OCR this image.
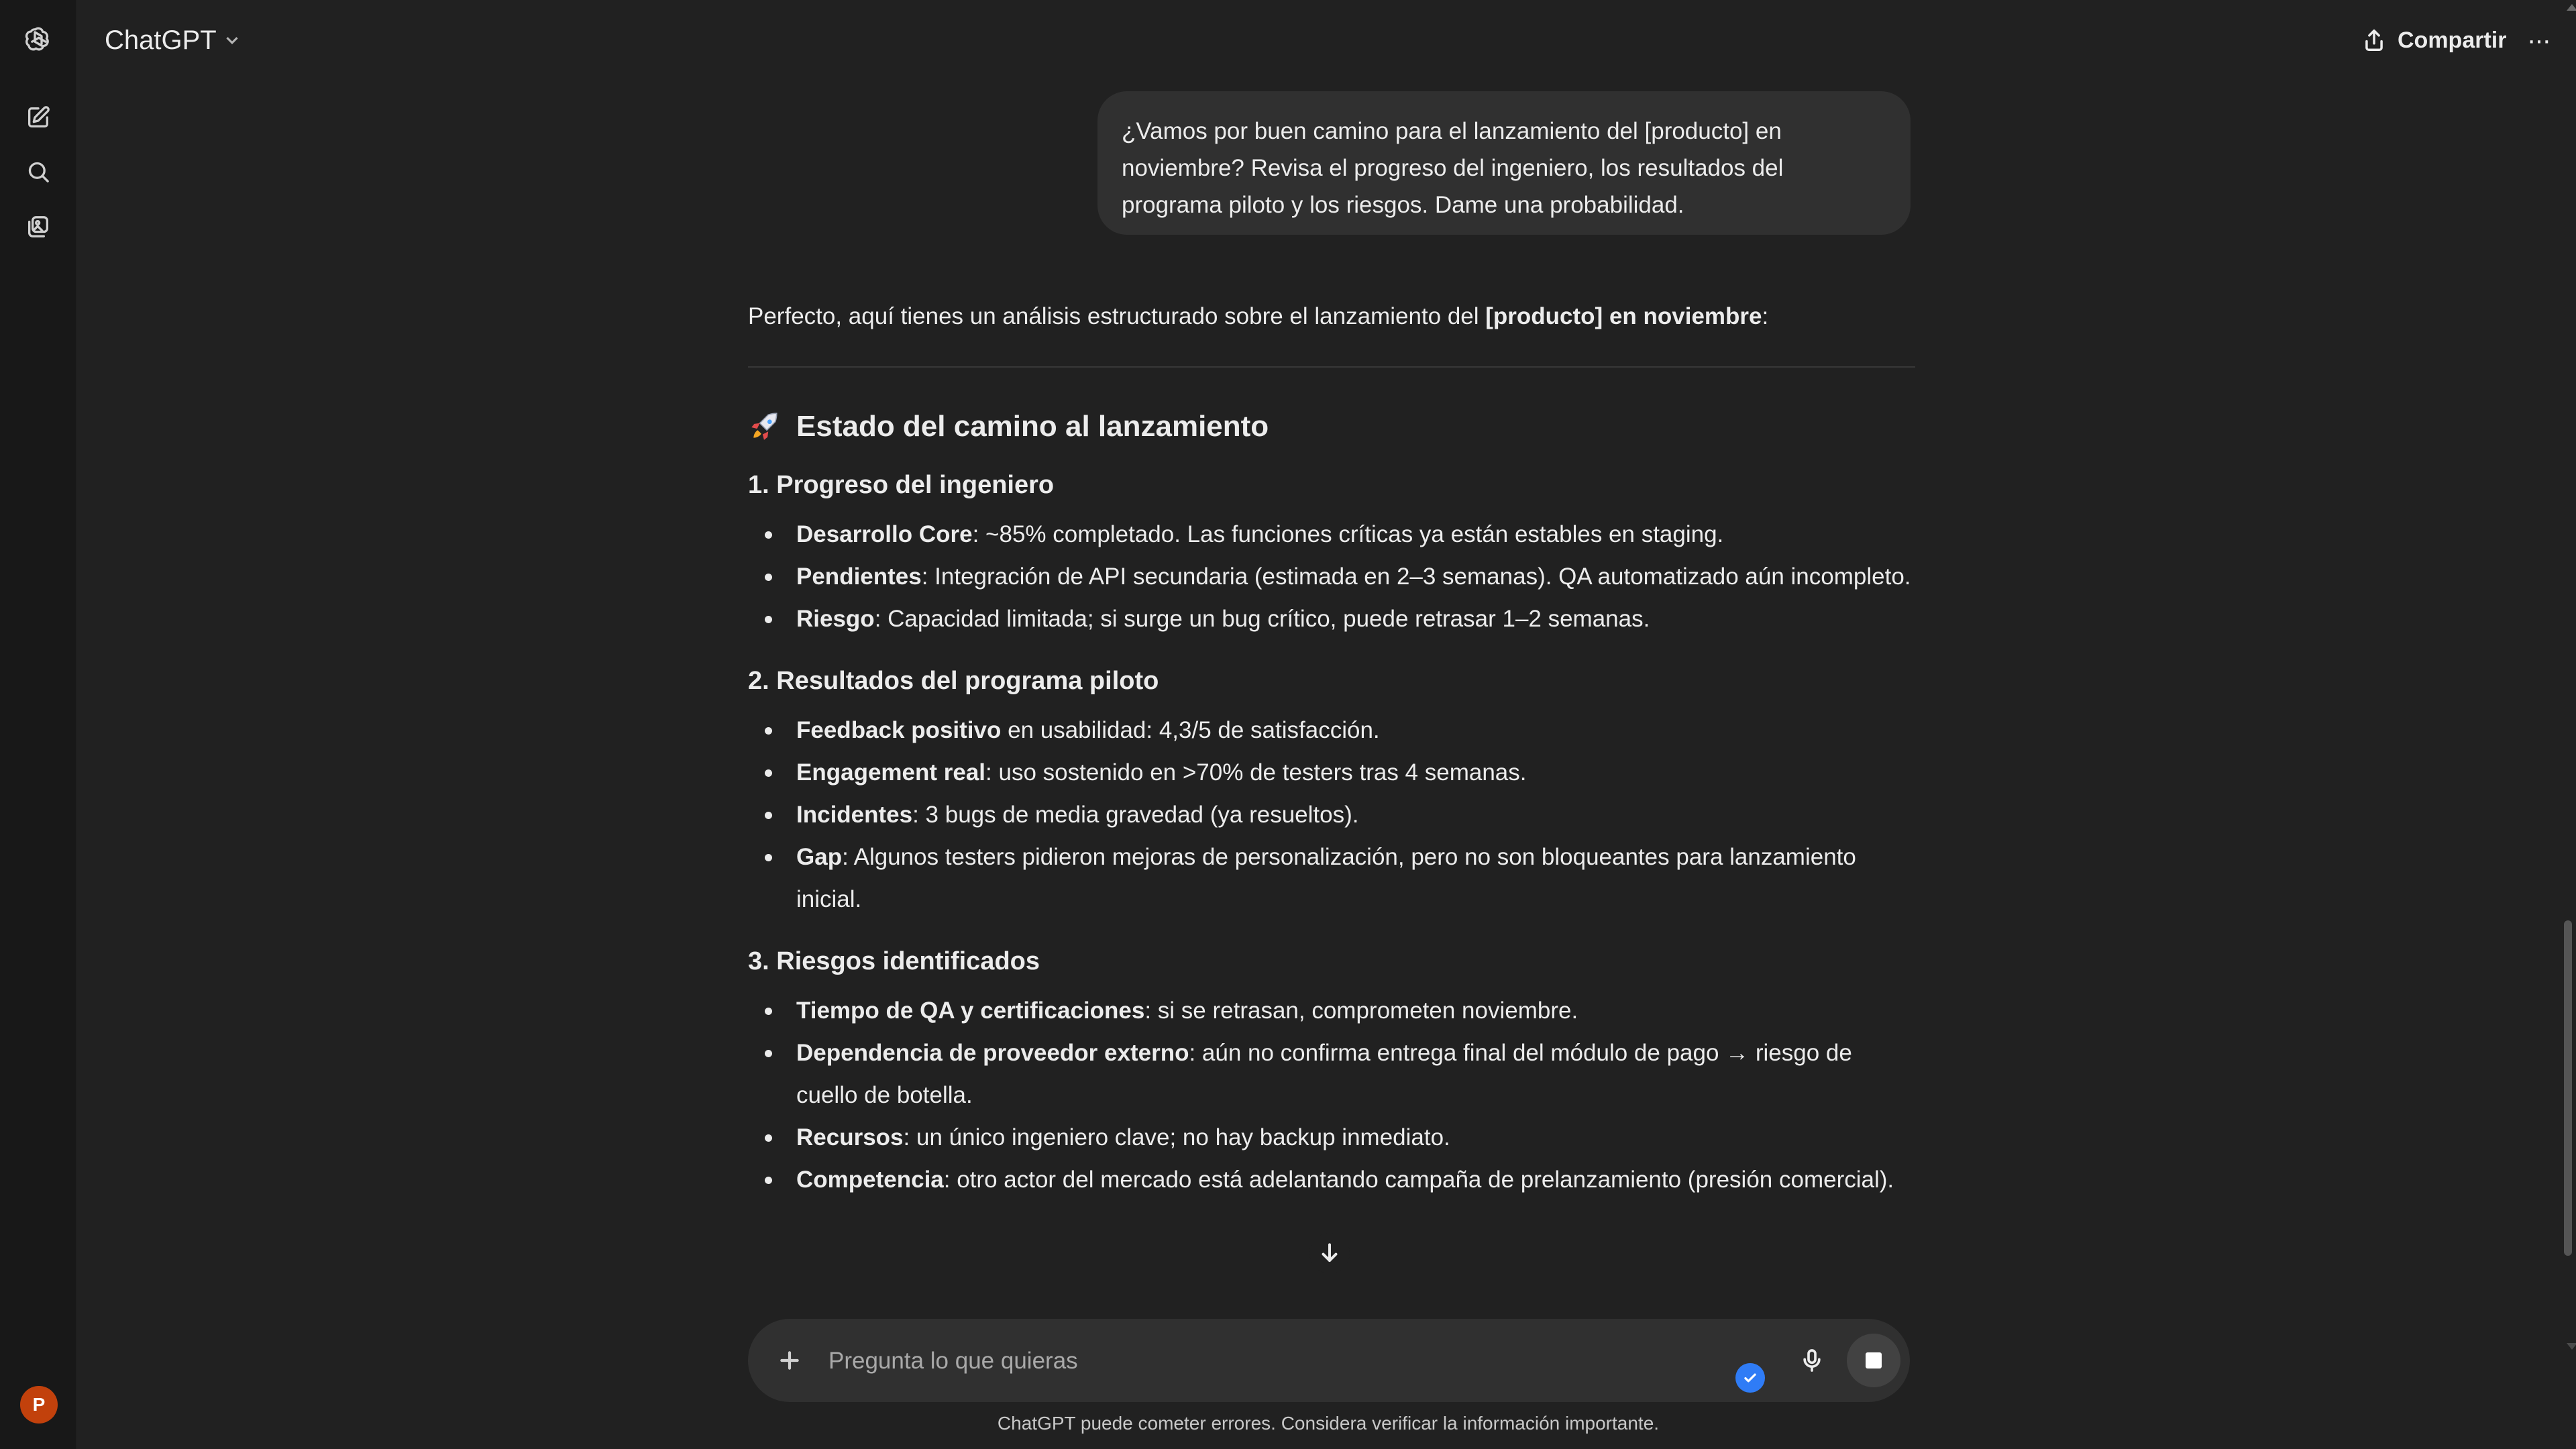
P
ChatGPT	Compartir ···
¿Vamos por buen camino para el lanzamiento del [producto] en noviembre? Revisa el progreso del ingeniero, los resultados del programa piloto y los riesgos. Dame una probabilidad.

Perfecto, aquí tienes un análisis estructurado sobre el lanzamiento del [producto] en noviembre:

Estado del camino al lanzamiento
1. Progreso del ingeniero
Desarrollo Core: ~85% completado. Las funciones críticas ya están estables en staging.
Pendientes: Integración de API secundaria (estimada en 2–3 semanas). QA automatizado aún incompleto.
Riesgo: Capacidad limitada; si surge un bug crítico, puede retrasar 1–2 semanas.
2. Resultados del programa piloto
Feedback positivo en usabilidad: 4,3/5 de satisfacción.
Engagement real: uso sostenido en >70% de testers tras 4 semanas.
Incidentes: 3 bugs de media gravedad (ya resueltos).
Gap: Algunos testers pidieron mejoras de personalización, pero no son bloqueantes para lanzamiento inicial.
3. Riesgos identificados
Tiempo de QA y certificaciones: si se retrasan, comprometen noviembre.
Dependencia de proveedor externo: aún no confirma entrega final del módulo de pago → riesgo de cuello de botella.
Recursos: un único ingeniero clave; no hay backup inmediato.
Competencia: otro actor del mercado está adelantando campaña de prelanzamiento (presión comercial).
Pregunta lo que quieras
ChatGPT puede cometer errores. Considera verificar la información importante.
